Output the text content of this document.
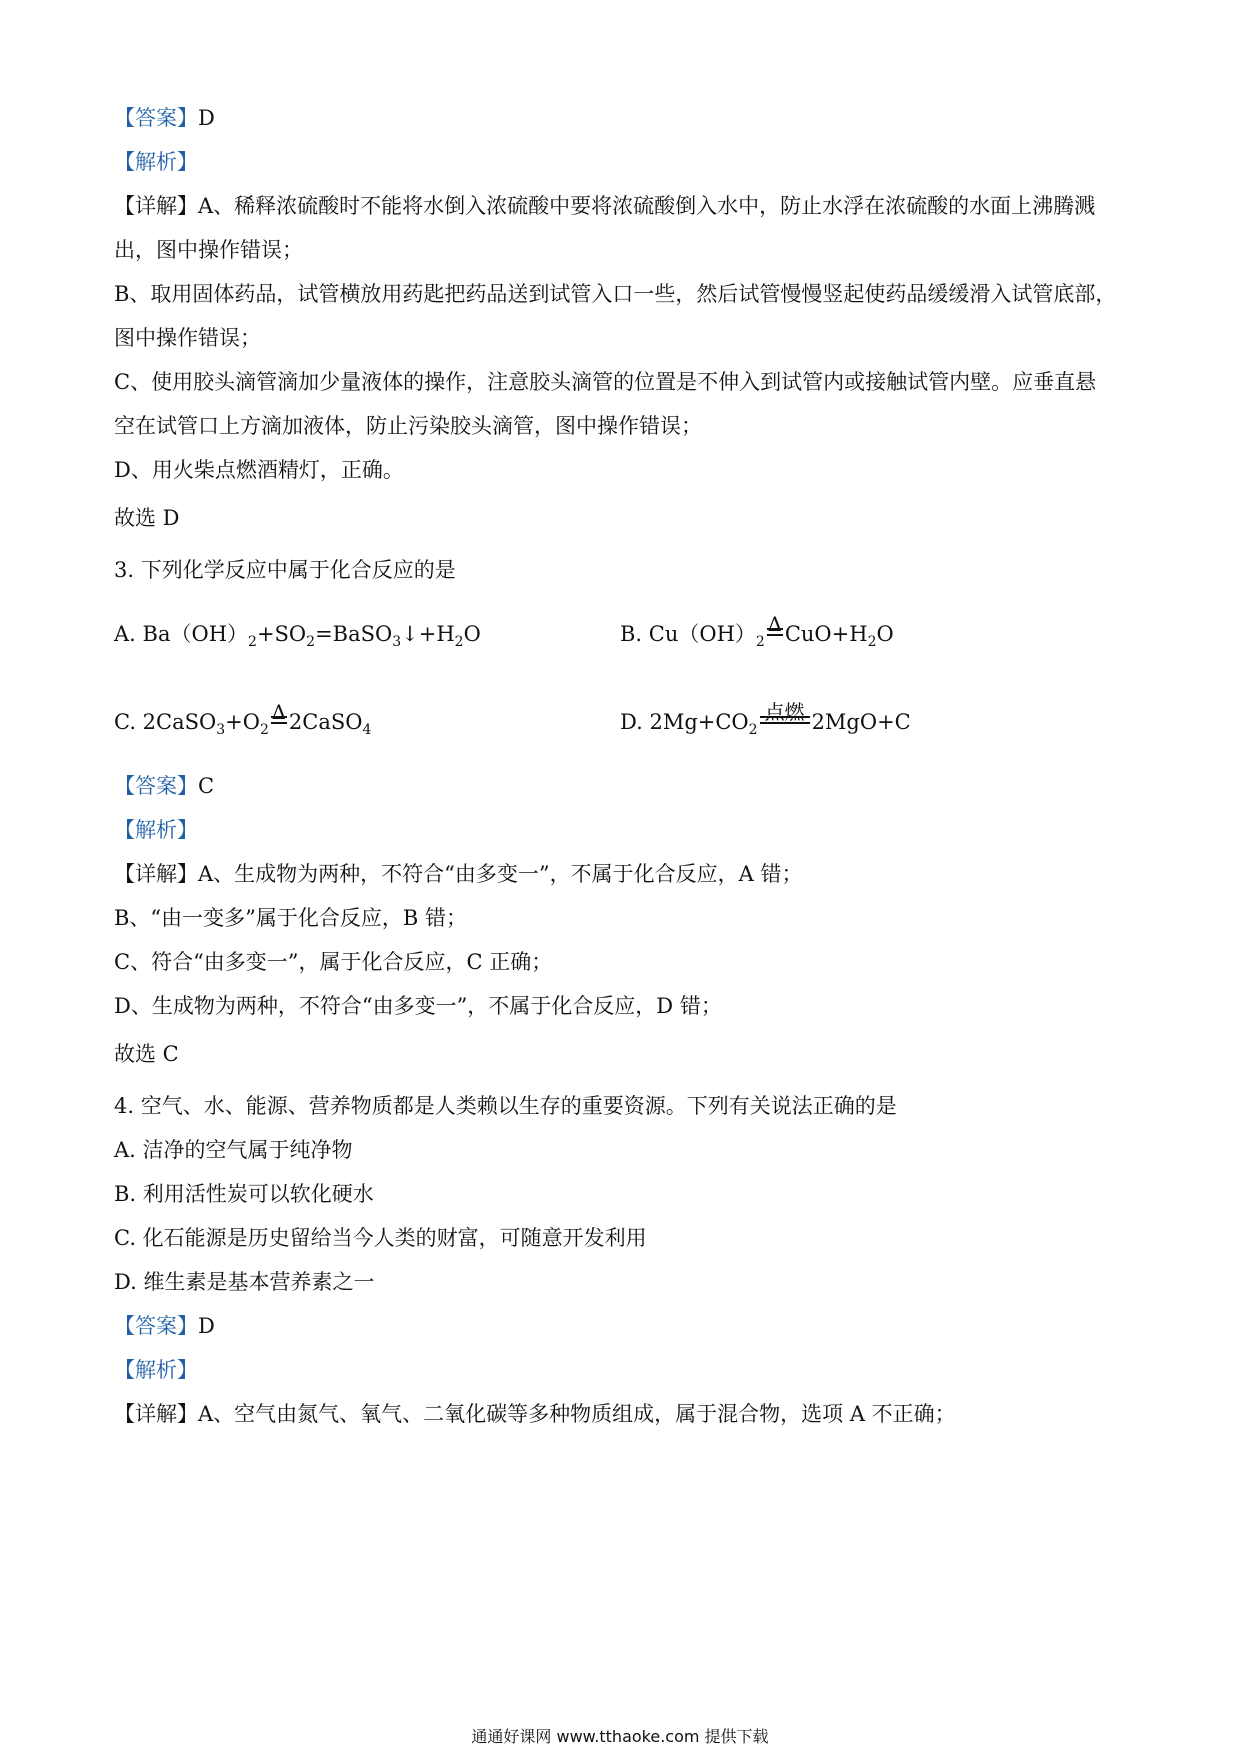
【答案】D
【解析】
【详解】A、稀释浓硫酸时不能将水倒入浓硫酸中要将浓硫酸倒入水中，防止水浮在浓硫酸的水面上沸腾溅
出，图中操作错误；
B、取用固体药品，试管横放用药匙把药品送到试管入口一些，然后试管慢慢竖起使药品缓缓滑入试管底部，
图中操作错误；
C、使用胶头滴管滴加少量液体的操作，注意胶头滴管的位置是不伸入到试管内或接触试管内壁。应垂直悬
空在试管口上方滴加液体，防止污染胶头滴管，图中操作错误；
D、用火柴点燃酒精灯，正确。
故选 D
3. 下列化学反应中属于化合反应的是
A. $Ba(OH)_2+SO_2=BaSO_3↓+H_2O$	B. $Cu(OH)_2$
Δ $CuO+H_2O$
C. $2CaSO_3+O_2$
Δ 2CaSO$_4$	D. $2Mg+CO_2$
点燃 2MgO+C
【答案】C
【解析】
【详解】A、生成物为两种，不符合“由多变一”，不属于化合反应，A 错；
B、“由一变多”属于化合反应，B 错；
C、符合“由多变一”，属于化合反应，C 正确；
D、生成物为两种，不符合“由多变一”，不属于化合反应，D 错；
故选 C
4. 空气、水、能源、营养物质都是人类赖以生存的重要资源。下列有关说法正确的是
A. 洁净的空气属于纯净物
B. 利用活性炭可以软化硬水
C. 化石能源是历史留给当今人类的财富，可随意开发利用
D. 维生素是基本营养素之一
【答案】D
【解析】
【详解】A、空气由氮气、氧气、二氧化碳等多种物质组成，属于混合物，选项 A 不正确；
通通好课网 www.tthaoke.com 提供下载
